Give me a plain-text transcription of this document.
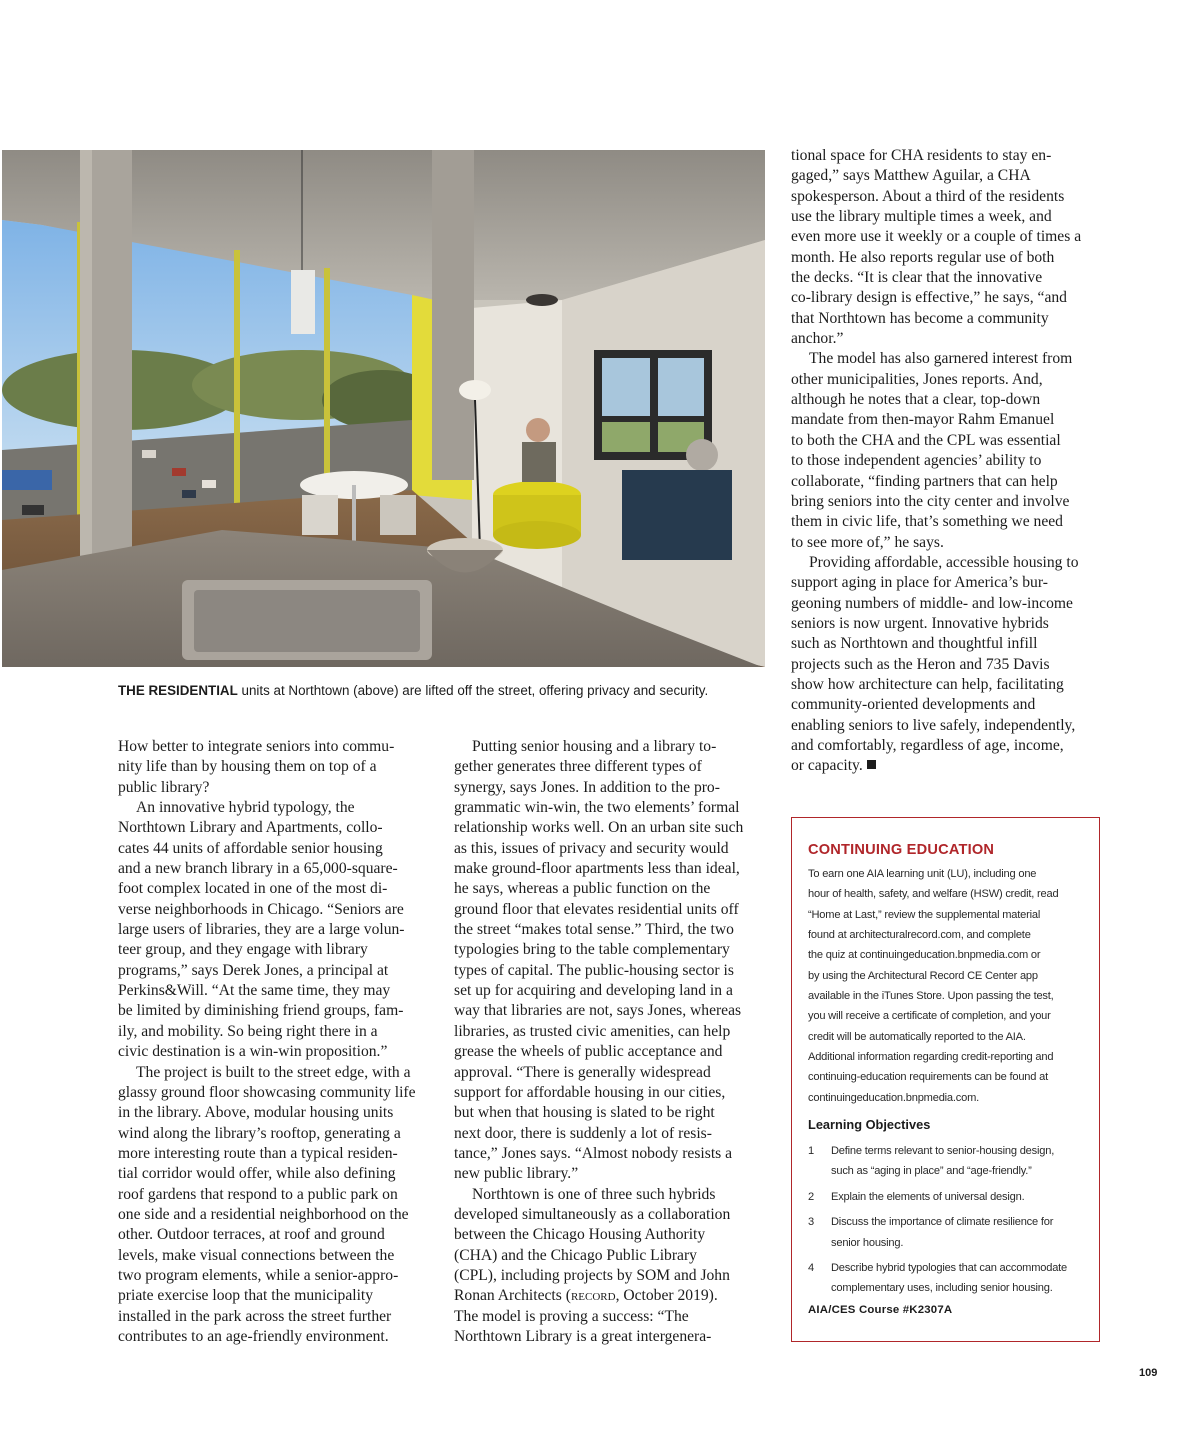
THE RESIDENTIAL units at Northtown (above) are lifted off the street, offering privacy and security.
How better to integrate seniors into commu-
nity life than by housing them on top of a
public library?
An innovative hybrid typology, the
Northtown Library and Apartments, collo-
cates 44 units of affordable senior housing
and a new branch library in a 65,000-square-
foot complex located in one of the most di-
verse neighborhoods in Chicago. “Seniors are
large users of libraries, they are a large volun-
teer group, and they engage with library
programs,” says Derek Jones, a principal at
Perkins&Will. “At the same time, they may
be limited by diminishing friend groups, fam-
ily, and mobility. So being right there in a
civic destination is a win-win proposition.”
The project is built to the street edge, with a
glassy ground floor showcasing community life
in the library. Above, modular housing units
wind along the library’s rooftop, generating a
more interesting route than a typical residen-
tial corridor would offer, while also defining
roof gardens that respond to a public park on
one side and a residential neighborhood on the
other. Outdoor terraces, at roof and ground
levels, make visual connections between the
two program elements, while a senior-appro-
priate exercise loop that the municipality
installed in the park across the street further
contributes to an age-friendly environment.
Putting senior housing and a library to-
gether generates three different types of
synergy, says Jones. In addition to the pro-
grammatic win-win, the two elements’ formal
relationship works well. On an urban site such
as this, issues of privacy and security would
make ground-floor apartments less than ideal,
he says, whereas a public function on the
ground floor that elevates residential units off
the street “makes total sense.” Third, the two
typologies bring to the table complementary
types of capital. The public-housing sector is
set up for acquiring and developing land in a
way that libraries are not, says Jones, whereas
libraries, as trusted civic amenities, can help
grease the wheels of public acceptance and
approval. “There is generally widespread
support for affordable housing in our cities,
but when that housing is slated to be right
next door, there is suddenly a lot of resis-
tance,” Jones says. “Almost nobody resists a
new public library.”
Northtown is one of three such hybrids
developed simultaneously as a collaboration
between the Chicago Housing Authority
(CHA) and the Chicago Public Library
(CPL), including projects by SOM and John
Ronan Architects (record, October 2019).
The model is proving a success: “The
Northtown Library is a great intergenera-
tional space for CHA residents to stay en-
gaged,” says Matthew Aguilar, a CHA
spokesperson. About a third of the residents
use the library multiple times a week, and
even more use it weekly or a couple of times a
month. He also reports regular use of both
the decks. “It is clear that the innovative
co-library design is effective,” he says, “and
that Northtown has become a community
anchor.”
The model has also garnered interest from
other municipalities, Jones reports. And,
although he notes that a clear, top-down
mandate from then-mayor Rahm Emanuel
to both the CHA and the CPL was essential
to those independent agencies’ ability to
collaborate, “finding partners that can help
bring seniors into the city center and involve
them in civic life, that’s something we need
to see more of,” he says.
Providing affordable, accessible housing to
support aging in place for America’s bur-
geoning numbers of middle- and low-income
seniors is now urgent. Innovative hybrids
such as Northtown and thoughtful infill
projects such as the Heron and 735 Davis
show how architecture can help, facilitating
community-oriented developments and
enabling seniors to live safely, independently,
and comfortably, regardless of age, income,
or capacity.
CONTINUING EDUCATION
To earn one AIA learning unit (LU), including one
hour of health, safety, and welfare (HSW) credit, read
“Home at Last,” review the supplemental material
found at architecturalrecord.com, and complete
the quiz at continuingeducation.bnpmedia.com or
by using the Architectural Record CE Center app
available in the iTunes Store. Upon passing the test,
you will receive a certificate of completion, and your
credit will be automatically reported to the AIA.
Additional information regarding credit-reporting and
continuing-education requirements can be found at
continuingeducation.bnpmedia.com.
Learning Objectives
1	Define terms relevant to senior-housing design,
such as “aging in place” and “age-friendly.”
2	Explain the elements of universal design.
3	Discuss the importance of climate resilience for
senior housing.
4	Describe hybrid typologies that can accommodate
complementary uses, including senior housing.
AIA/CES Course #K2307A
109
